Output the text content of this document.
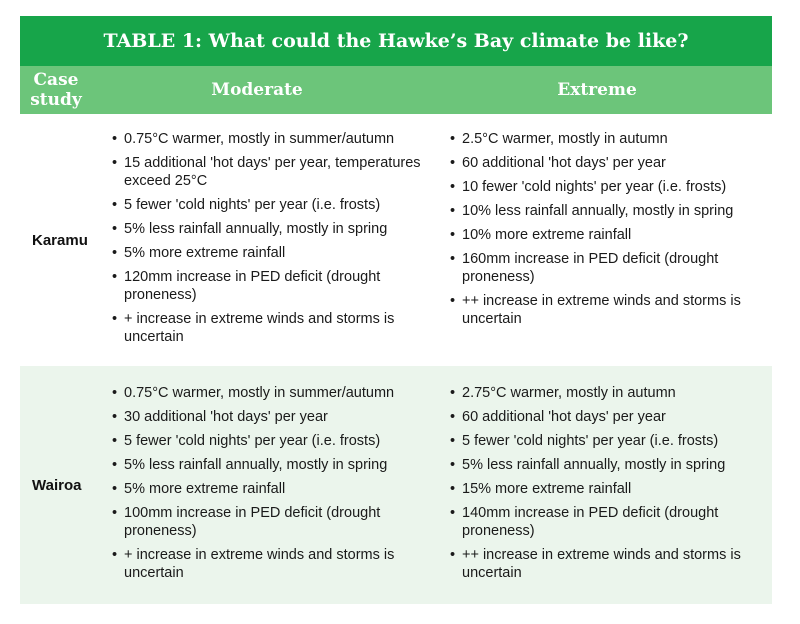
TABLE 1: What could the Hawke’s Bay climate be like?
Case study	Moderate	Extreme
Karamu
• 0.75°C warmer, mostly in summer/autumn
• 15 additional 'hot days' per year, temperatures exceed 25°C
• 5 fewer 'cold nights' per year (i.e. frosts)
• 5% less rainfall annually, mostly in spring
• 5% more extreme rainfall
• 120mm increase in PED deficit (drought proneness)
• + increase in extreme winds and storms is uncertain
• 2.5°C warmer, mostly in autumn
• 60 additional 'hot days' per year
• 10 fewer 'cold nights' per year (i.e. frosts)
• 10% less rainfall annually, mostly in spring
• 10% more extreme rainfall
• 160mm increase in PED deficit (drought proneness)
• ++ increase in extreme winds and storms is uncertain
Wairoa
• 0.75°C warmer, mostly in summer/autumn
• 30 additional 'hot days' per year
• 5 fewer 'cold nights' per year (i.e. frosts)
• 5% less rainfall annually, mostly in spring
• 5% more extreme rainfall
• 100mm increase in PED deficit (drought proneness)
• + increase in extreme winds and storms is uncertain
• 2.75°C warmer, mostly in autumn
• 60 additional 'hot days' per year
• 5 fewer 'cold nights' per year (i.e. frosts)
• 5% less rainfall annually, mostly in spring
• 15% more extreme rainfall
• 140mm increase in PED deficit (drought proneness)
• ++ increase in extreme winds and storms is uncertain
